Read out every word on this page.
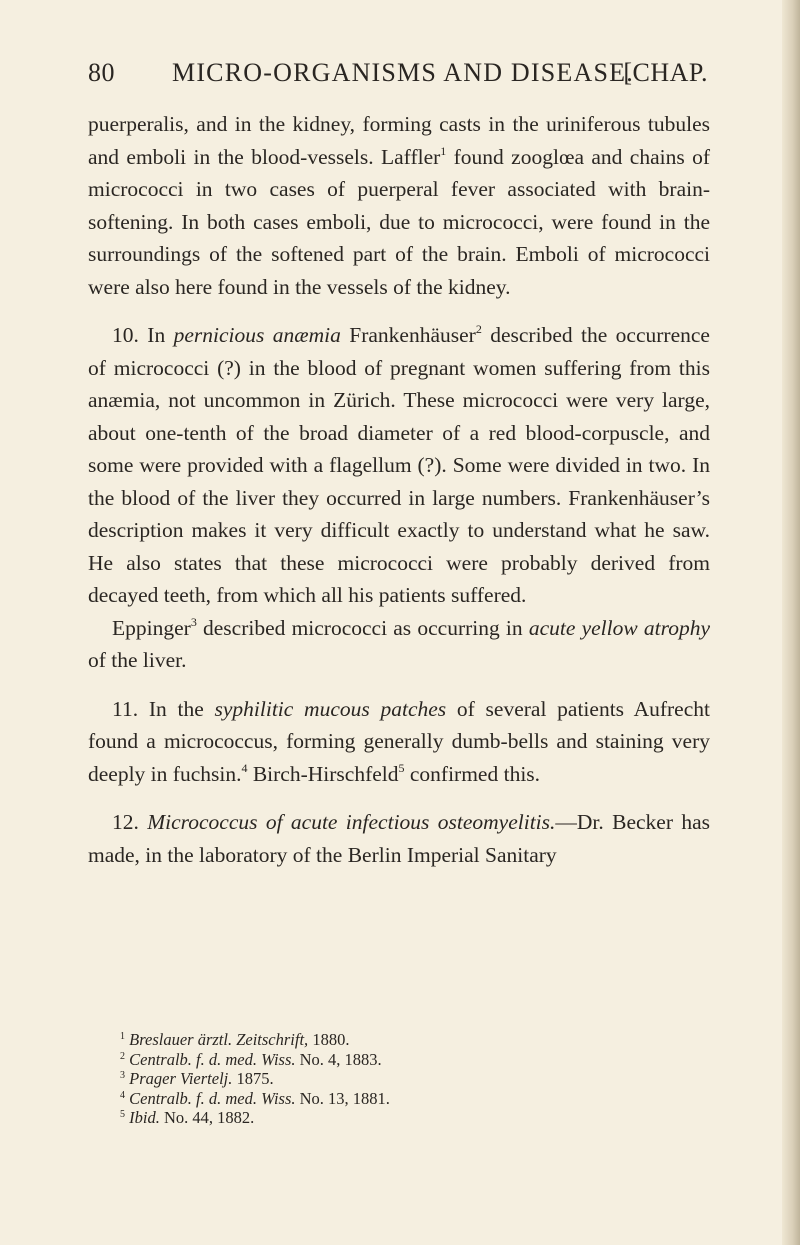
80 MICRO-ORGANISMS AND DISEASE.
[CHAP.

puerperalis, and in the kidney, forming casts in the uriniferous tubules and emboli in the blood-vessels. Laffler$^1$ found zooglœa and chains of micrococci in two cases of puerperal fever associated with brain-softening. In both cases emboli, due to micrococci, were found in the surroundings of the softened part of the brain. Emboli of micrococci were also here found in the vessels of the kidney.

10. In pernicious anæmia Frankenhäuser$^2$ described the occurrence of micrococci (?) in the blood of pregnant women suffering from this anæmia, not uncommon in Zürich. These micrococci were very large, about one-tenth of the broad diameter of a red blood-corpuscle, and some were provided with a flagellum (?). Some were divided in two. In the blood of the liver they occurred in large numbers. Frankenhäuser’s description makes it very difficult exactly to understand what he saw. He also states that these micrococci were probably derived from decayed teeth, from which all his patients suffered.

Eppinger$^3$ described micrococci as occurring in acute yellow atrophy of the liver.

11. In the syphilitic mucous patches of several patients Aufrecht found a micrococcus, forming generally dumb-bells and staining very deeply in fuchsin.$^4$ Birch-Hirschfeld$^5$ confirmed this.

12. Micrococcus of acute infectious osteomyelitis.—Dr. Becker has made, in the laboratory of the Berlin Imperial Sanitary

$^1$ Breslauer ärztl. Zeitschrift, 1880.
$^2$ Centralb. f. d. med. Wiss. No. 4, 1883.
$^3$ Prager Viertelj. 1875.
$^4$ Centralb. f. d. med. Wiss. No. 13, 1881.
$^5$ Ibid. No. 44, 1882.
